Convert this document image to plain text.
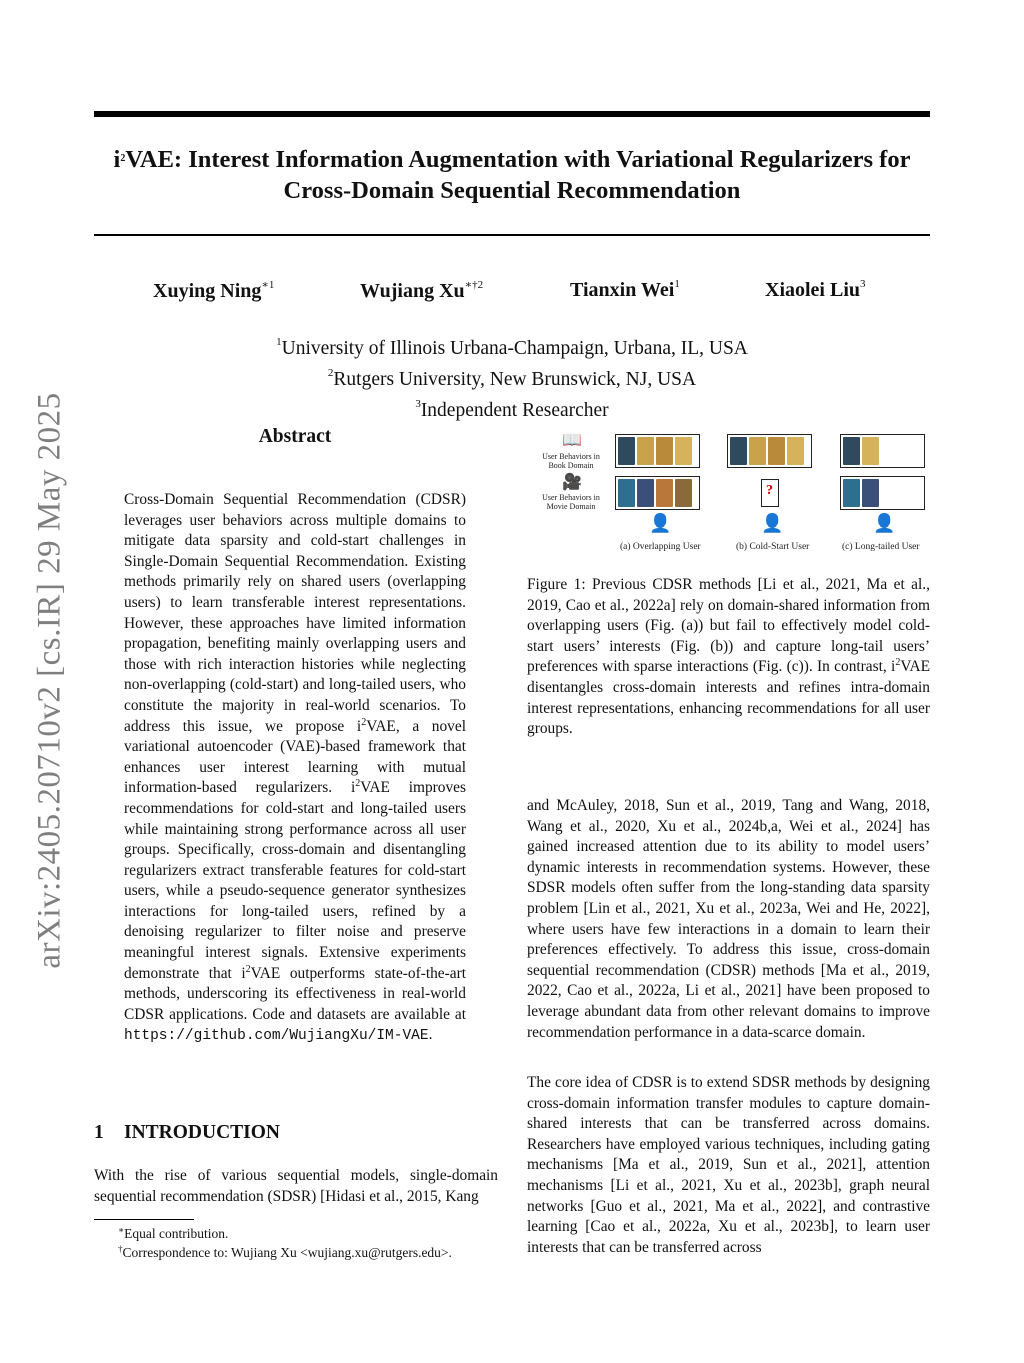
arXiv:2405.20710v2 [cs.IR] 29 May 2025
$i^2VAE$: Interest Information Augmentation with Variational Regularizers for
Cross-Domain Sequential Recommendation
Xuying Ning$^{∗1}$	Wujiang $Xu^{∗\dagger 2}$	Tianxin Wei$^1$	Xiaolei Liu$^3$
$^1$University of Illinois Urbana-Champaign, Urbana, IL, USA
$^2$Rutgers University, New Brunswick, NJ, USA
$^3$Independent Researcher
Abstract
Cross-Domain Sequential Recommendation (CDSR) leverages user behaviors across multiple domains to mitigate data sparsity and cold-start challenges in Single-Domain Sequential Recommendation. Existing methods primarily rely on shared users (overlapping users) to learn transferable interest representations. However, these approaches have limited information propagation, benefiting mainly overlapping users and those with rich interaction histories while neglecting non-overlapping (cold-start) and long-tailed users, who constitute the majority in real-world scenarios. To address this issue, we propose $i^2VAE$, a novel variational autoencoder (VAE)-based framework that enhances user interest learning with mutual information-based regularizers. $i^2VAE$ improves recommendations for cold-start and long-tailed users while maintaining strong performance across all user groups. Specifically, cross-domain and disentangling regularizers extract transferable features for cold-start users, while a pseudo-sequence generator synthesizes interactions for long-tailed users, refined by a denoising regularizer to filter noise and preserve meaningful interest signals. Extensive experiments demonstrate that $i^2VAE$ outperforms state-of-the-art methods, underscoring its effectiveness in real-world CDSR applications. Code and datasets are available at https://github.com/WujiangXu/IM-VAE.
1 INTRODUCTION
With the rise of various sequential models, single-domain sequential recommendation (SDSR) [Hidasi et al., 2015, Kang
∗Equal contribution.
†Correspondence to: Wujiang Xu <wujiang.xu@rutgers.edu>.
📖
User Behaviors in Book Domain
🎥
User Behaviors in Movie Domain
👤
?
👤	👤
(a) Overlapping User	(b) Cold-Start User	(c) Long-tailed User
Figure 1: Previous CDSR methods [Li et al., 2021, Ma et al., 2019, Cao et al., 2022a] rely on domain-shared information from overlapping users (Fig. (a)) but fail to effectively model cold-start users’ interests (Fig. (b)) and capture long-tail users’ preferences with sparse interactions (Fig. (c)). In contrast, $i^2VAE$ disentangles cross-domain interests and refines intra-domain interest representations, enhancing recommendations for all user groups.
and McAuley, 2018, Sun et al., 2019, Tang and Wang, 2018, Wang et al., 2020, Xu et al., 2024b,a, Wei et al., 2024] has gained increased attention due to its ability to model users’ dynamic interests in recommendation systems. However, these SDSR models often suffer from the long-standing data sparsity problem [Lin et al., 2021, Xu et al., 2023a, Wei and He, 2022], where users have few interactions in a domain to learn their preferences effectively. To address this issue, cross-domain sequential recommendation (CDSR) methods [Ma et al., 2019, 2022, Cao et al., 2022a, Li et al., 2021] have been proposed to leverage abundant data from other relevant domains to improve recommendation performance in a data-scarce domain.
The core idea of CDSR is to extend SDSR methods by designing cross-domain information transfer modules to capture domain-shared interests that can be transferred across domains. Researchers have employed various techniques, including gating mechanisms [Ma et al., 2019, Sun et al., 2021], attention mechanisms [Li et al., 2021, Xu et al., 2023b], graph neural networks [Guo et al., 2021, Ma et al., 2022], and contrastive learning [Cao et al., 2022a, Xu et al., 2023b], to learn user interests that can be transferred across
